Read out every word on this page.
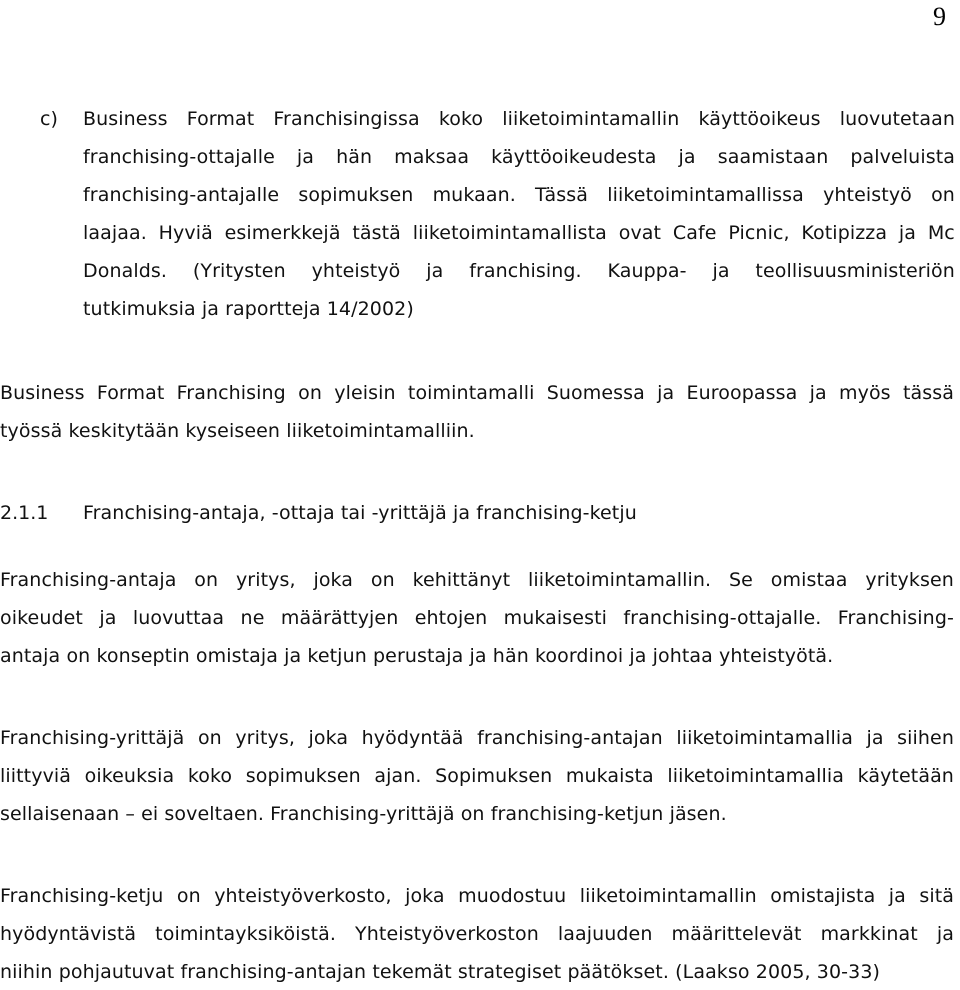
9
c) Business Format Franchisingissa koko liiketoimintamallin käyttöoikeus luovutetaan
franchising-ottajalle ja hän maksaa käyttöoikeudesta ja saamistaan palveluista
franchising-antajalle sopimuksen mukaan. Tässä liiketoimintamallissa yhteistyö on
laajaa. Hyviä esimerkkejä tästä liiketoimintamallista ovat Cafe Picnic, Kotipizza ja Mc
Donalds. (Yritysten yhteistyö ja franchising. Kauppa- ja teollisuusministeriön
tutkimuksia ja raportteja 14/2002)
Business Format Franchising on yleisin toimintamalli Suomessa ja Euroopassa ja myös tässä
työssä keskitytään kyseiseen liiketoimintamalliin.
2.1.1 Franchising-antaja, -ottaja tai -yrittäjä ja franchising-ketju
Franchising-antaja on yritys, joka on kehittänyt liiketoimintamallin. Se omistaa yrityksen
oikeudet ja luovuttaa ne määrättyjen ehtojen mukaisesti franchising-ottajalle. Franchising-
antaja on konseptin omistaja ja ketjun perustaja ja hän koordinoi ja johtaa yhteistyötä.
Franchising-yrittäjä on yritys, joka hyödyntää franchising-antajan liiketoimintamallia ja siihen
liittyviä oikeuksia koko sopimuksen ajan. Sopimuksen mukaista liiketoimintamallia käytetään
sellaisenaan – ei soveltaen. Franchising-yrittäjä on franchising-ketjun jäsen.
Franchising-ketju on yhteistyöverkosto, joka muodostuu liiketoimintamallin omistajista ja sitä
hyödyntävistä toimintayksiköistä. Yhteistyöverkoston laajuuden määrittelevät markkinat ja
niihin pohjautuvat franchising-antajan tekemät strategiset päätökset. (Laakso 2005, 30-33)
